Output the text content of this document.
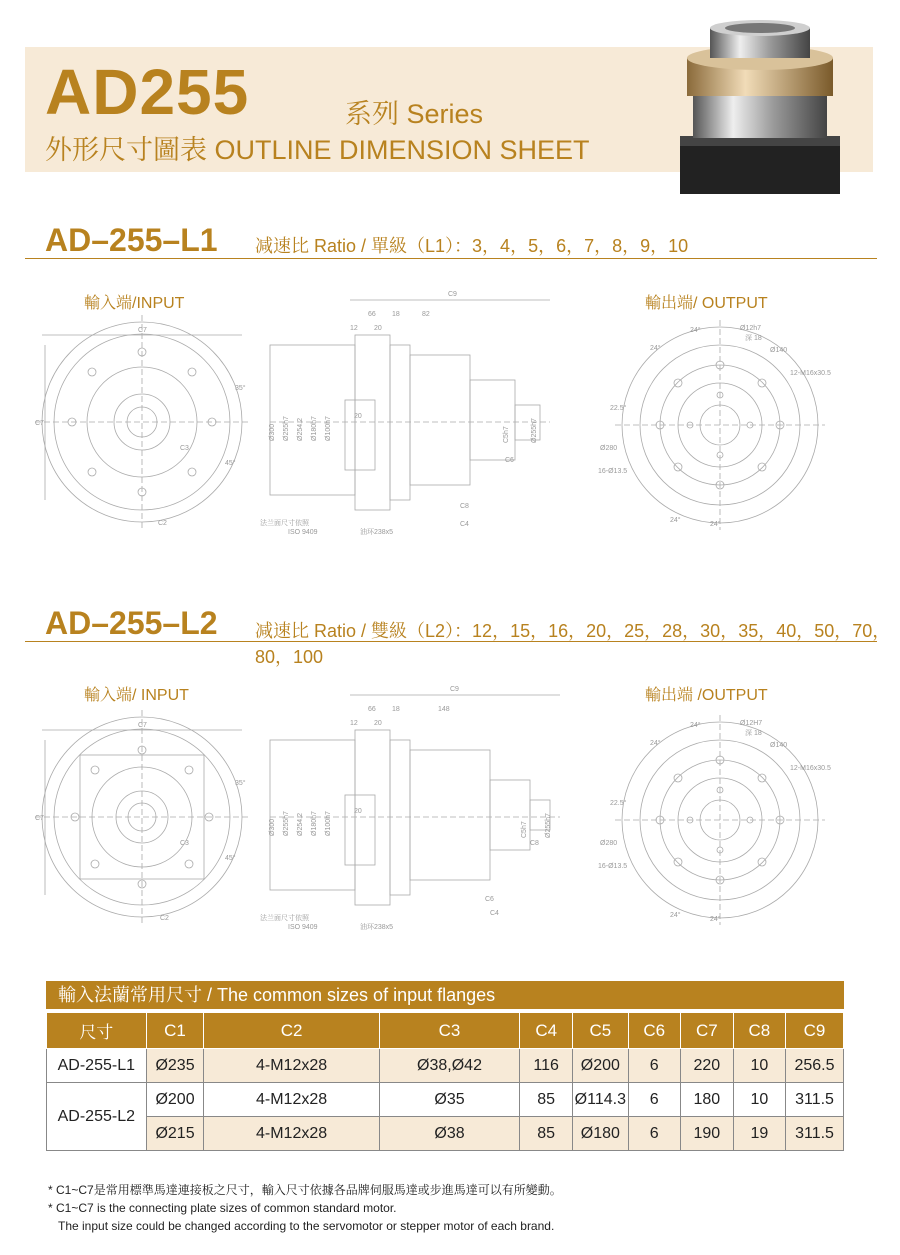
AD255	系列 Series
外形尺寸圖表 OUTLINE DIMENSION SHEET
AD–255–L1 减速比 Ratio / 單級（L1）：3，4，5，6，7，8，9，10
輸入端/INPUT	輸出端/ OUTPUT
C7
C7
C2
C3
35°
45°
C9
66 18	82
12 20
20
C8
C4
C5h7
C6
Ø255h7
Ø300 Ø255h7 Ø254.2 Ø180h7 Ø100h7
法兰面尺寸依照
ISO 9409	油环238x5
24°
24°
24°
24°
22.5°
Ø12h7
深 18
Ø140
12-M16x30.5
Ø280
16-Ø13.5
AD–255–L2 减速比 Ratio / 雙級（L2）：12，15，16，20，25，28，30，35，40，50，70，80，100
輸入端/ INPUT	輸出端 /OUTPUT
C7
C7
C2
C3
35°
45°
C9
66 18	148
12 20
20
C8
C4
C5h7
C6
Ø255h7
Ø300 Ø255h7 Ø254.2 Ø180h7 Ø100h7
法兰面尺寸依照
ISO 9409	油环238x5
24°
24°
24°
24°
22.5°
Ø12H7
深 18
Ø140
12-M16x30.5
Ø280
16-Ø13.5
輸入法蘭常用尺寸 / The common sizes of input flanges
尺寸	C1	C2	C3	C4	C5	C6	C7	C8	C9
AD-255-L1	Ø235	4-M12x28	Ø38,Ø42	116	Ø200	6	220	10	256.5
AD-255-L2	Ø200	4-M12x28	Ø35	85	Ø114.3	6	180	10	311.5
	Ø215	4-M12x28	Ø38	85	Ø180	6	190	19	311.5
* C1~C7是常用標準馬達連接板之尺寸，輸入尺寸依據各品牌伺服馬達或步進馬達可以有所變動。
* C1~C7 is the connecting plate sizes of common standard motor.
The input size could be changed according to the servomotor or stepper motor of each brand.
